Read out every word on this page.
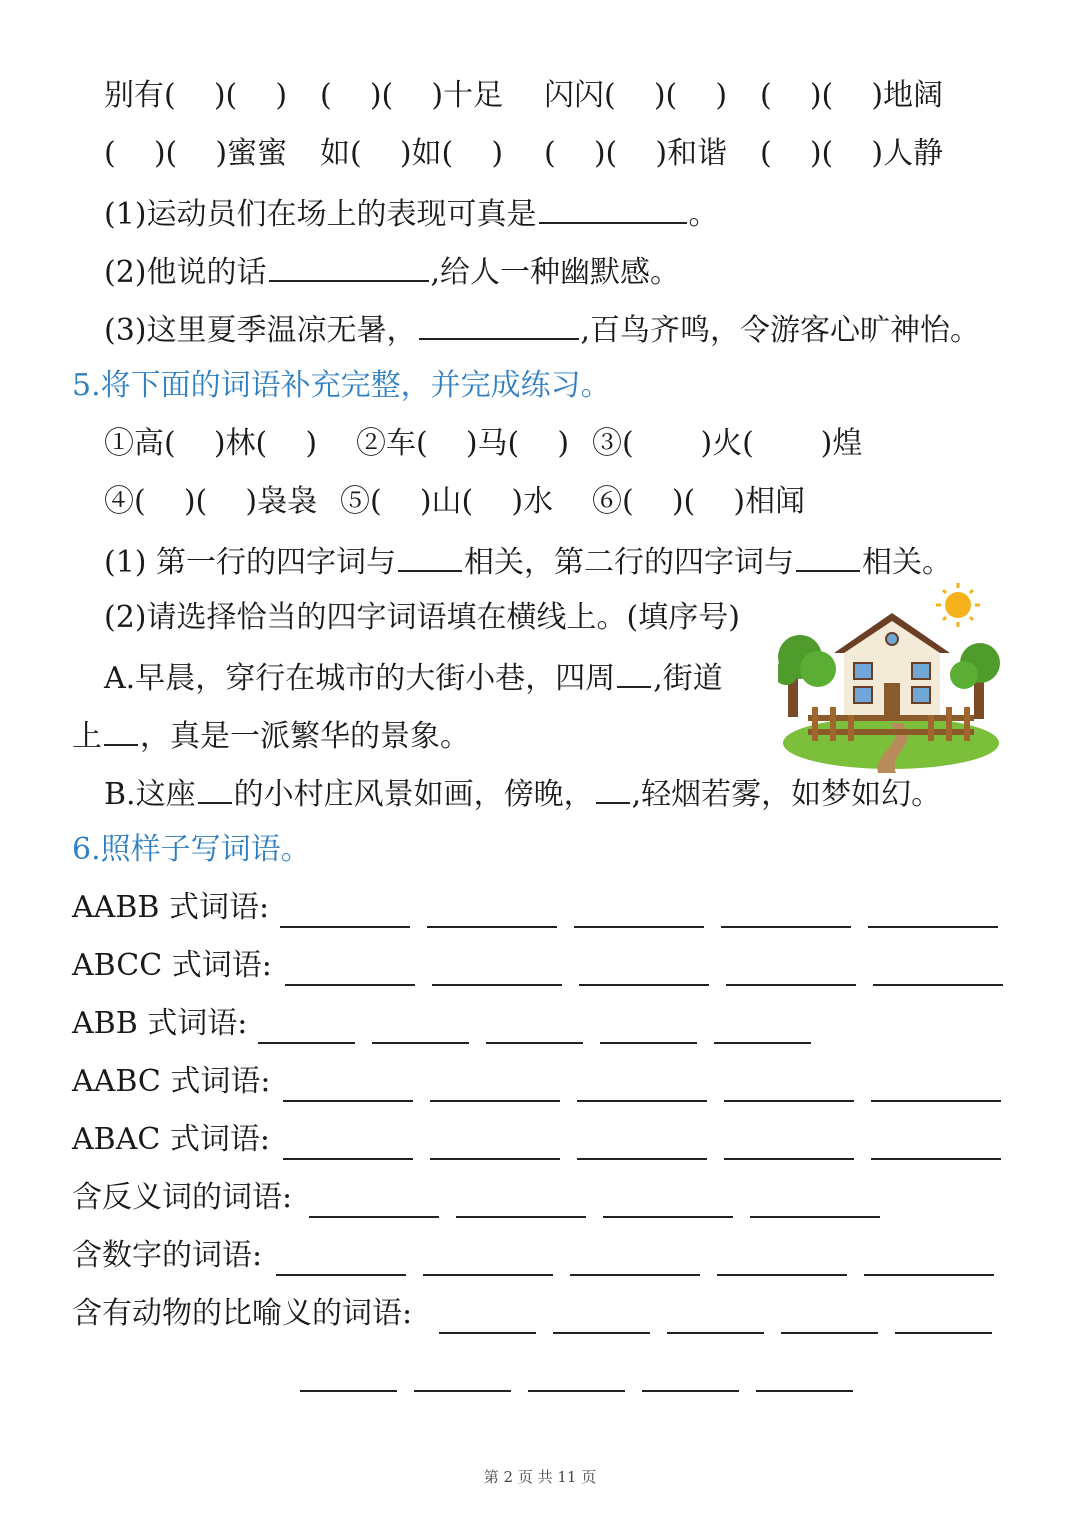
别有(    )(    ) (    )(    )十足 闪闪(    )(    ) (    )(    )地阔
(    )(    )蜜蜜 如(    )如(    ) (    )(    )和谐 (    )(    )人静
(1)运动员们在场上的表现可真是	。
(2)他说的话	,给人一种幽默感。
(3)这里夏季温凉无暑，	,百鸟齐鸣，令游客心旷神怡。
5.将下面的词语补充完整，并完成练习。
①高(    )林(    ) ②车(    )马(    ) ③(       )火(       )煌
④(    )(    )袅袅 ⑤(    )山(    )水 ⑥(    )(    )相闻
(1) 第一行的四字词与 相关，第二行的四字词与 相关。
(2)请选择恰当的四字词语填在横线上。(填序号)
A.早晨，穿行在城市的大街小巷，四周 ,街道
上 ，真是一派繁华的景象。
B.这座 的小村庄风景如画，傍晚， ,轻烟若雾，如梦如幻。
6.照样子写词语。
AABB 式词语:
ABCC 式词语:
ABB 式词语:
AABC 式词语:
ABAC 式词语:
含反义词的词语:
含数字的词语:
含有动物的比喻义的词语:
第 2 页 共 11 页
